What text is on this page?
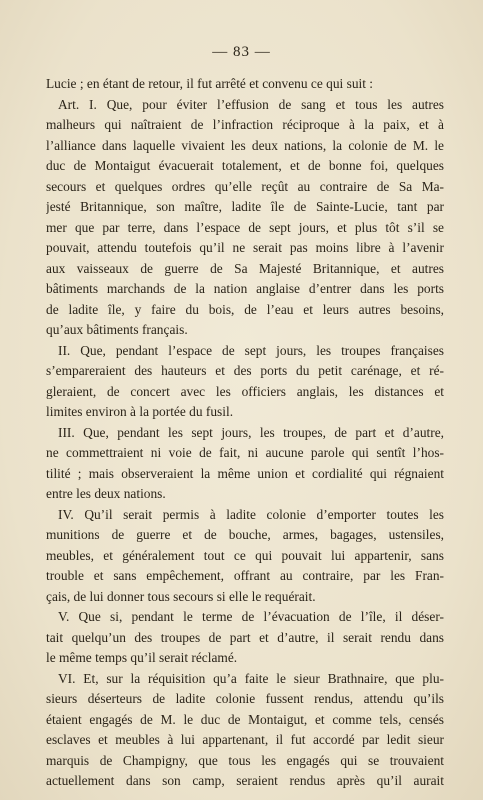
— 83 —
Lucie ; en étant de retour, il fut arrêté et convenu ce qui suit :
Art. I. Que, pour éviter l’effusion de sang et tous les autres
malheurs qui naîtraient de l’infraction réciproque à la paix, et à
l’alliance dans laquelle vivaient les deux nations, la colonie de M. le
duc de Montaigut évacuerait totalement, et de bonne foi, quelques
secours et quelques ordres qu’elle reçût au contraire de Sa Ma-
jesté Britannique, son maître, ladite île de Sainte-Lucie, tant par
mer que par terre, dans l’espace de sept jours, et plus tôt s’il se
pouvait, attendu toutefois qu’il ne serait pas moins libre à l’avenir
aux vaisseaux de guerre de Sa Majesté Britannique, et autres
bâtiments marchands de la nation anglaise d’entrer dans les ports
de ladite île, y faire du bois, de l’eau et leurs autres besoins,
qu’aux bâtiments français.
II. Que, pendant l’espace de sept jours, les troupes françaises
s’empareraient des hauteurs et des ports du petit carénage, et ré-
gleraient, de concert avec les officiers anglais, les distances et
limites environ à la portée du fusil.
III. Que, pendant les sept jours, les troupes, de part et d’autre,
ne commettraient ni voie de fait, ni aucune parole qui sentît l’hos-
tilité ; mais observeraient la même union et cordialité qui régnaient
entre les deux nations.
IV. Qu’il serait permis à ladite colonie d’emporter toutes les
munitions de guerre et de bouche, armes, bagages, ustensiles,
meubles, et généralement tout ce qui pouvait lui appartenir, sans
trouble et sans empêchement, offrant au contraire, par les Fran-
çais, de lui donner tous secours si elle le requérait.
V. Que si, pendant le terme de l’évacuation de l’île, il déser-
tait quelqu’un des troupes de part et d’autre, il serait rendu dans
le même temps qu’il serait réclamé.
VI. Et, sur la réquisition qu’a faite le sieur Brathnaire, que plu-
sieurs déserteurs de ladite colonie fussent rendus, attendu qu’ils
étaient engagés de M. le duc de Montaigut, et comme tels, censés
esclaves et meubles à lui appartenant, il fut accordé par ledit sieur
marquis de Champigny, que tous les engagés qui se trouvaient
actuellement dans son camp, seraient rendus après qu’il aurait
